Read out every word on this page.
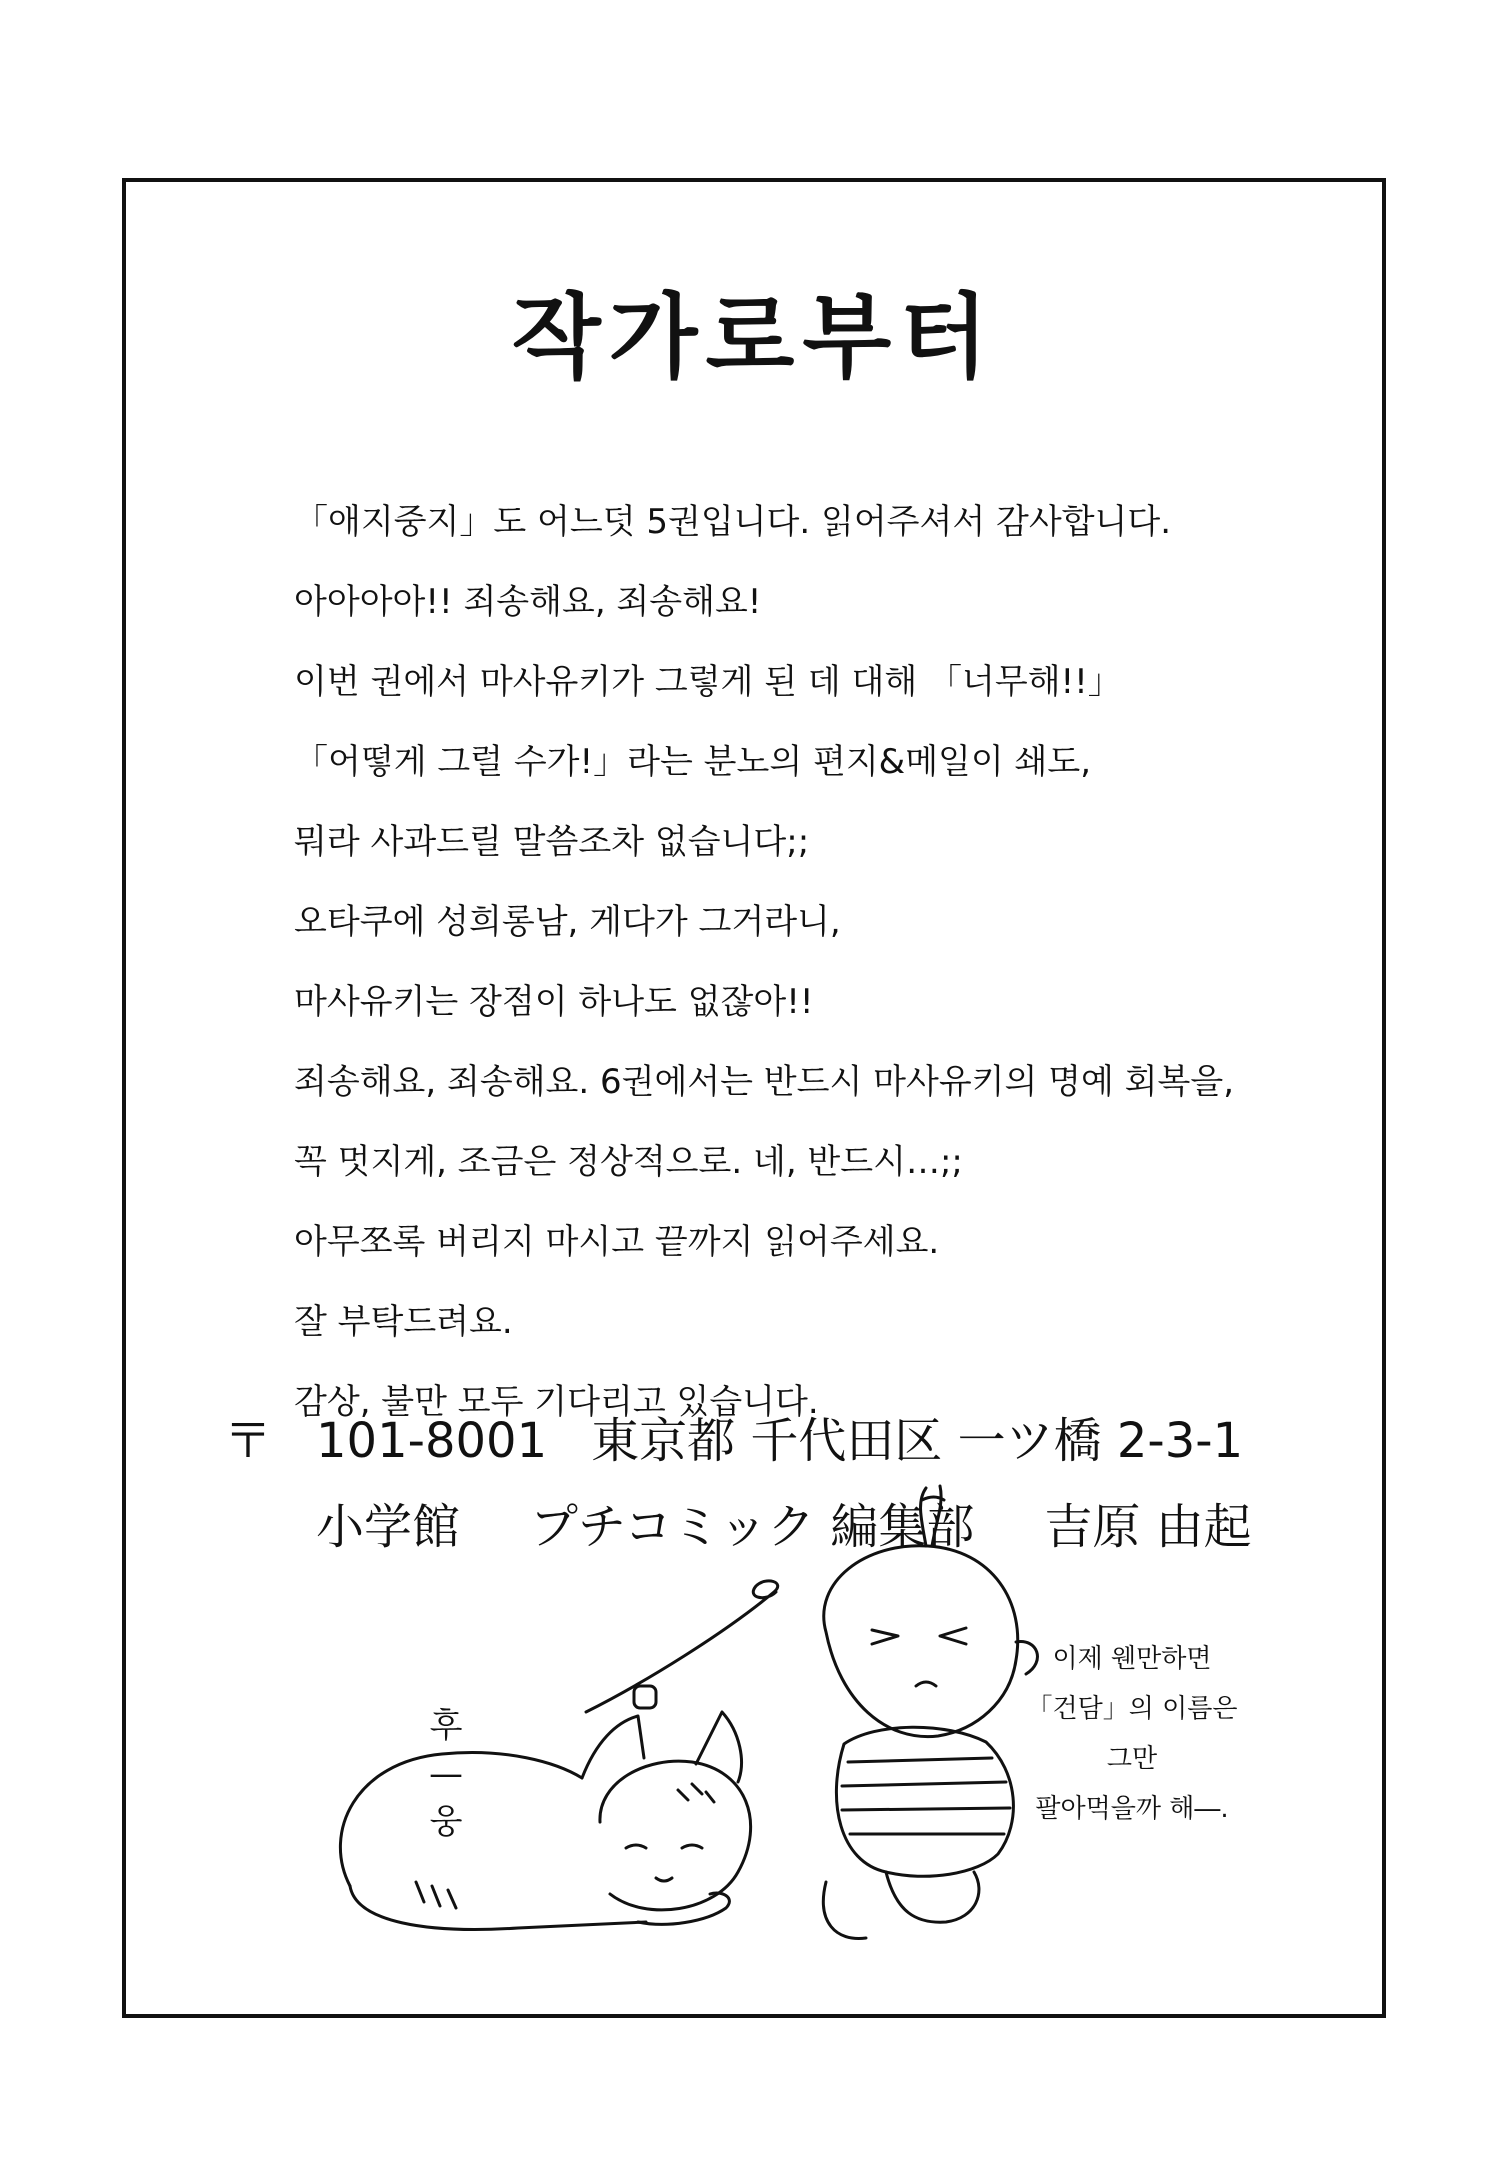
작가로부터
「애지중지」도 어느덧 5권입니다. 읽어주셔서 감사합니다.
아아아아!! 죄송해요, 죄송해요!
이번 권에서 마사유키가 그렇게 된 데 대해 「너무해!!」
「어떻게 그럴 수가!」라는 분노의 편지&메일이 쇄도,
뭐라 사과드릴 말씀조차 없습니다;;
오타쿠에 성희롱남, 게다가 그거라니,
마사유키는 장점이 하나도 없잖아!!
죄송해요, 죄송해요. 6권에서는 반드시 마사유키의 명예 회복을,
꼭 멋지게, 조금은 정상적으로. 네, 반드시…;;
아무쪼록 버리지 마시고 끝까지 읽어주세요.
잘 부탁드려요.
감상, 불만 모두 기다리고 있습니다.
〒 101-8001 東京都 千代田区 一ツ橋 2-3-1
小学館 プチコミック 編集部 吉原 由起
후
—
웅
이제 웬만하면
「건담」의 이름은
그만
팔아먹을까 해―.
